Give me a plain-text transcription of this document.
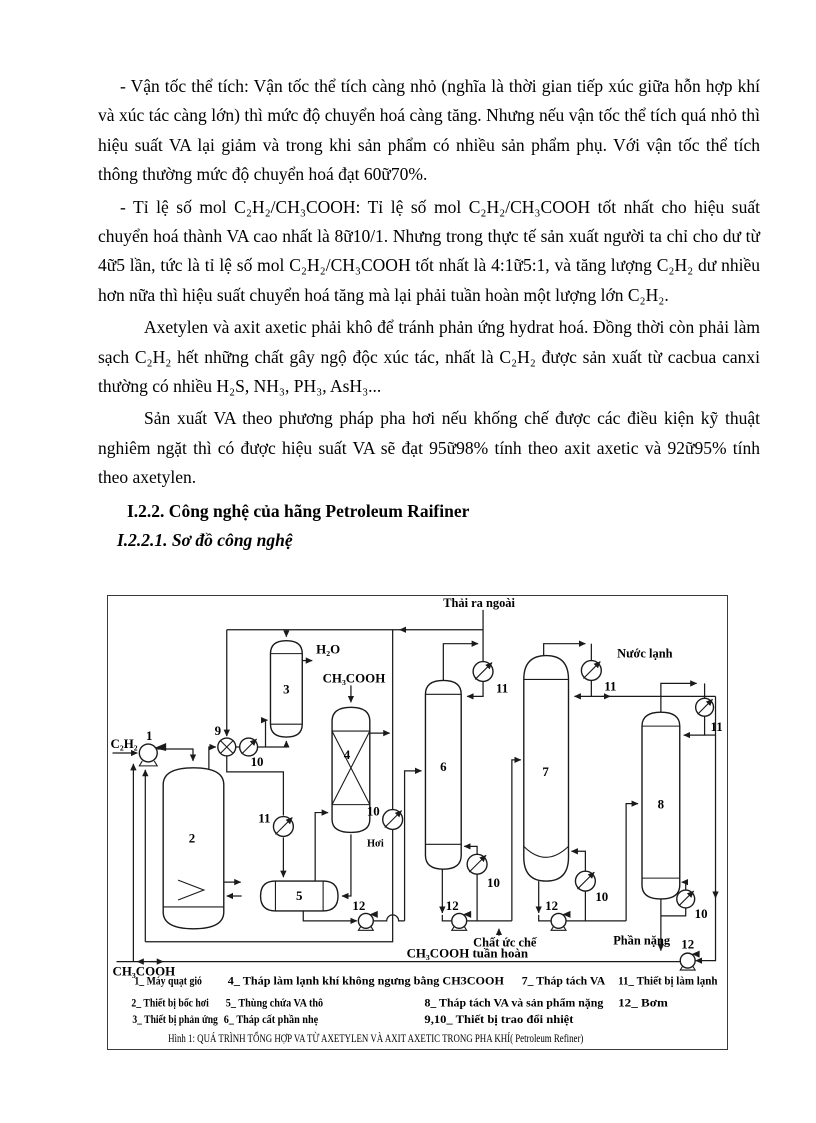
- Vận tốc thể tích: Vận tốc thể tích càng nhỏ (nghĩa là thời gian tiếp xúc giữa hỗn hợp khí và xúc tác càng lớn) thì mức độ chuyển hoá càng tăng. Nhưng nếu vận tốc thể tích quá nhỏ thì hiệu suất VA lại giảm và trong khi sản phẩm có nhiều sản phẩm phụ. Với vận tốc thể tích thông thường mức độ chuyển hoá đạt 60ữ70%.

- Tỉ lệ số mol C₂H₂/CH₃COOH: Tỉ lệ số mol C₂H₂/CH₃COOH tốt nhất cho hiệu suất chuyển hoá thành VA cao nhất là 8ữ10/1. Nhưng trong thực tế sản xuất người ta chỉ cho dư từ 4ữ5 lần, tức là tỉ lệ số mol C₂H₂/CH₃COOH tốt nhất là 4:1ữ5:1, và tăng lượng C₂H₂ dư nhiều hơn nữa thì hiệu suất chuyển hoá tăng mà lại phải tuần hoàn một lượng lớn C₂H₂.

Axetylen và axit axetic phải khô để tránh phản ứng hydrat hoá. Đồng thời còn phải làm sạch C₂H₂ hết những chất gây ngộ độc xúc tác, nhất là C₂H₂ được sản xuất từ cacbua canxi thường có nhiều H₂S, NH₃, PH₃, AsH₃...

Sản xuất VA theo phương pháp pha hơi nếu khống chế được các điều kiện kỹ thuật nghiêm ngặt thì có được hiệu suất VA sẽ đạt 95ữ98% tính theo axit axetic và 92ữ95% tính theo axetylen.

I.2.2. Công nghệ của hãng Petroleum Raifiner

I.2.2.1. Sơ đồ công nghệ

C₂H₂
1	9
10
2
3
H₂O
CH₃COOH
4
11	10
Hơi
5
12
Thải ra ngoài
6
11
10
12
Chất ức chế
CH₃COOH tuần hoàn
CH₃COOH
7
Nước lạnh
11
10
12
8
11
10
Phần nặng 12
1_ Máy quạt gió 4_ Tháp làm lạnh khí không ngưng bằng CH3COOH 7_ Tháp tách VA 11_ Thiết bị làm lạnh
2_ Thiết bị bốc hơi 5_ Thùng chứa VA thô	8_ Tháp tách VA và sản phẩm nặng 12_ Bơm
3_ Thiết bị phản ứng 6_ Tháp cất phần nhẹ	9,10_ Thiết bị trao đổi nhiệt
Hình 1: QUÁ TRÌNH TỔNG HỢP VA TỪ AXETYLEN VÀ AXIT AXETIC TRONG PHA KHÍ( Petroleum Refiner)
